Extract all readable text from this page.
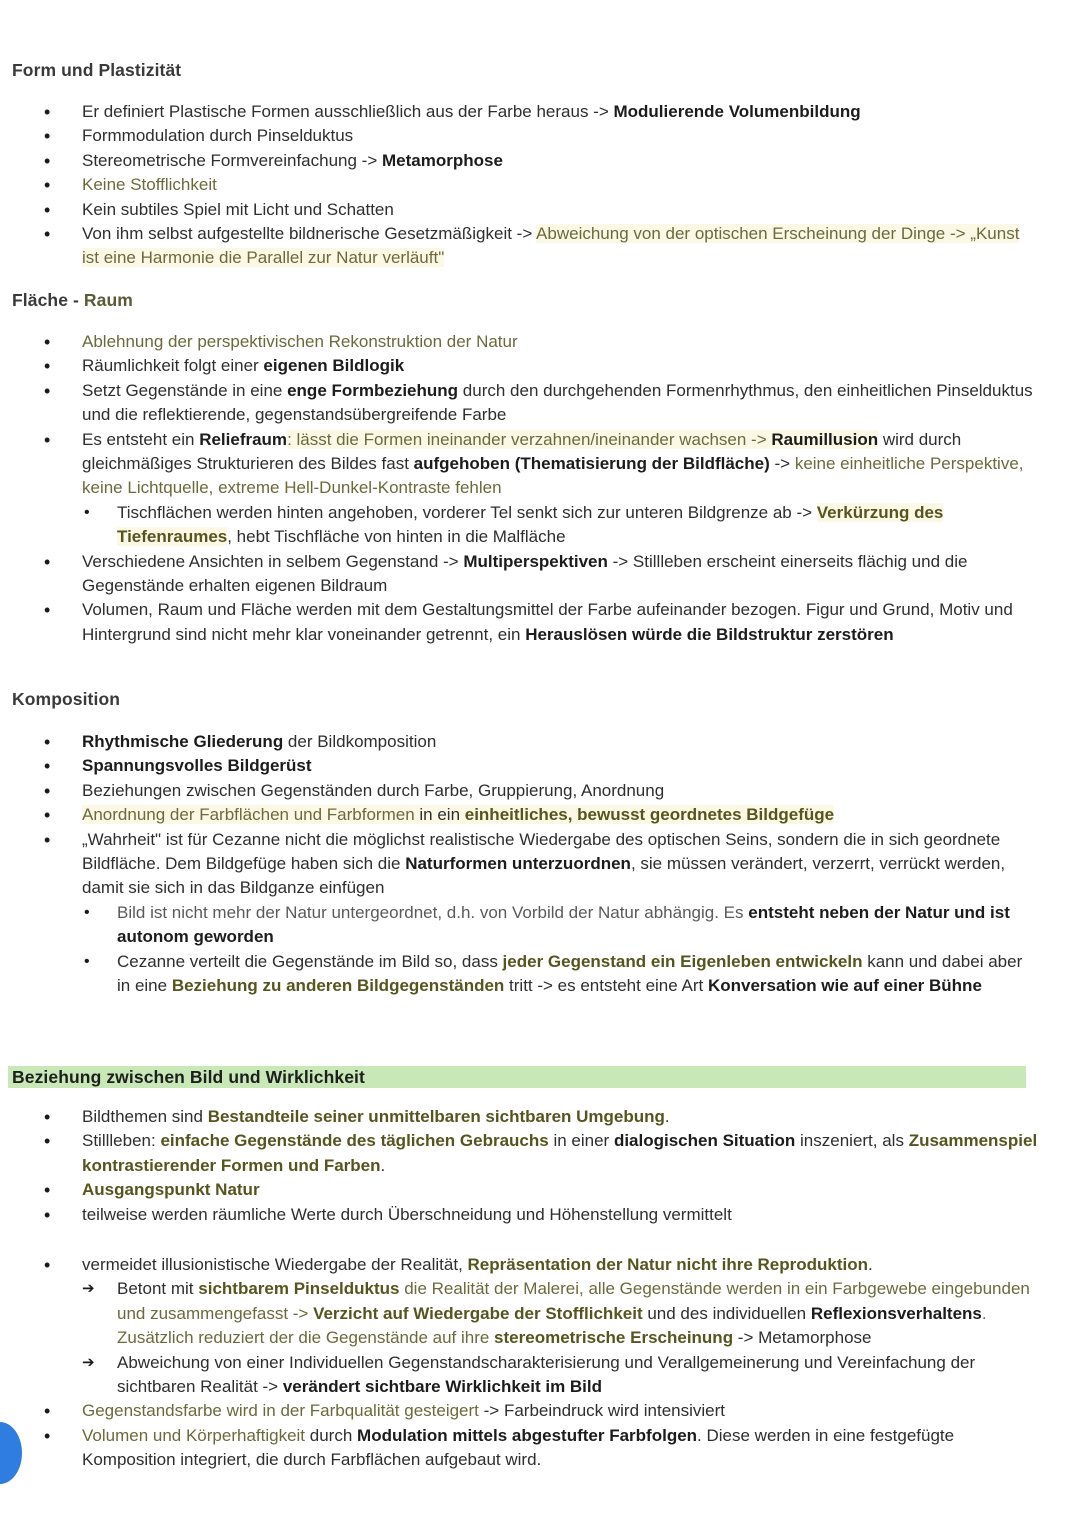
Form und Plastizität
• Er definiert Plastische Formen ausschließlich aus der Farbe heraus -> Modulierende Volumenbildung
• Formmodulation durch Pinselduktus
• Stereometrische Formvereinfachung -> Metamorphose
• Keine Stofflichkeit
• Kein subtiles Spiel mit Licht und Schatten
• Von ihm selbst aufgestellte bildnerische Gesetzmäßigkeit -> Abweichung von der optischen Erscheinung der Dinge -> „Kunst ist eine Harmonie die Parallel zur Natur verläuft"
Fläche - Raum
• Ablehnung der perspektivischen Rekonstruktion der Natur
• Räumlichkeit folgt einer eigenen Bildlogik
• Setzt Gegenstände in eine enge Formbeziehung durch den durchgehenden Formenrhythmus, den einheitlichen Pinselduktus und die reflektierende, gegenstandsübergreifende Farbe
• Es entsteht ein Reliefraum: lässt die Formen ineinander verzahnen/ineinander wachsen -> Raumillusion wird durch gleichmäßiges Strukturieren des Bildes fast aufgehoben (Thematisierung der Bildfläche) -> keine einheitliche Perspektive, keine Lichtquelle, extreme Hell-Dunkel-Kontraste fehlen
• Tischflächen werden hinten angehoben, vorderer Tel senkt sich zur unteren Bildgrenze ab -> Verkürzung des Tiefenraumes, hebt Tischfläche von hinten in die Malfläche
• Verschiedene Ansichten in selbem Gegenstand -> Multiperspektiven -> Stillleben erscheint einerseits flächig und die Gegenstände erhalten eigenen Bildraum
• Volumen, Raum und Fläche werden mit dem Gestaltungsmittel der Farbe aufeinander bezogen. Figur und Grund, Motiv und Hintergrund sind nicht mehr klar voneinander getrennt, ein Herauslösen würde die Bildstruktur zerstören
Komposition
• Rhythmische Gliederung der Bildkomposition
• Spannungsvolles Bildgerüst
• Beziehungen zwischen Gegenständen durch Farbe, Gruppierung, Anordnung
• Anordnung der Farbflächen und Farbformen in ein einheitliches, bewusst geordnetes Bildgefüge
• „Wahrheit" ist für Cezanne nicht die möglichst realistische Wiedergabe des optischen Seins, sondern die in sich geordnete Bildfläche. Dem Bildgefüge haben sich die Naturformen unterzuordnen, sie müssen verändert, verzerrt, verrückt werden, damit sie sich in das Bildganze einfügen
• Bild ist nicht mehr der Natur untergeordnet, d.h. von Vorbild der Natur abhängig. Es entsteht neben der Natur und ist autonom geworden
• Cezanne verteilt die Gegenstände im Bild so, dass jeder Gegenstand ein Eigenleben entwickeln kann und dabei aber in eine Beziehung zu anderen Bildgegenständen tritt -> es entsteht eine Art Konversation wie auf einer Bühne
Beziehung zwischen Bild und Wirklichkeit
• Bildthemen sind Bestandteile seiner unmittelbaren sichtbaren Umgebung.
• Stillleben: einfache Gegenstände des täglichen Gebrauchs in einer dialogischen Situation inszeniert, als Zusammenspiel kontrastierender Formen und Farben.
• Ausgangspunkt Natur
• teilweise werden räumliche Werte durch Überschneidung und Höhenstellung vermittelt
• vermeidet illusionistische Wiedergabe der Realität, Repräsentation der Natur nicht ihre Reproduktion.
➔ Betont mit sichtbarem Pinselduktus die Realität der Malerei, alle Gegenstände werden in ein Farbgewebe eingebunden und zusammengefasst -> Verzicht auf Wiedergabe der Stofflichkeit und des individuellen Reflexionsverhaltens. Zusätzlich reduziert der die Gegenstände auf ihre stereometrische Erscheinung -> Metamorphose
➔ Abweichung von einer Individuellen Gegenstandscharakterisierung und Verallgemeinerung und Vereinfachung der sichtbaren Realität -> verändert sichtbare Wirklichkeit im Bild
• Gegenstandsfarbe wird in der Farbqualität gesteigert -> Farbeindruck wird intensiviert
• Volumen und Körperhaftigkeit durch Modulation mittels abgestufter Farbfolgen. Diese werden in eine festgefügte Komposition integriert, die durch Farbflächen aufgebaut wird.
